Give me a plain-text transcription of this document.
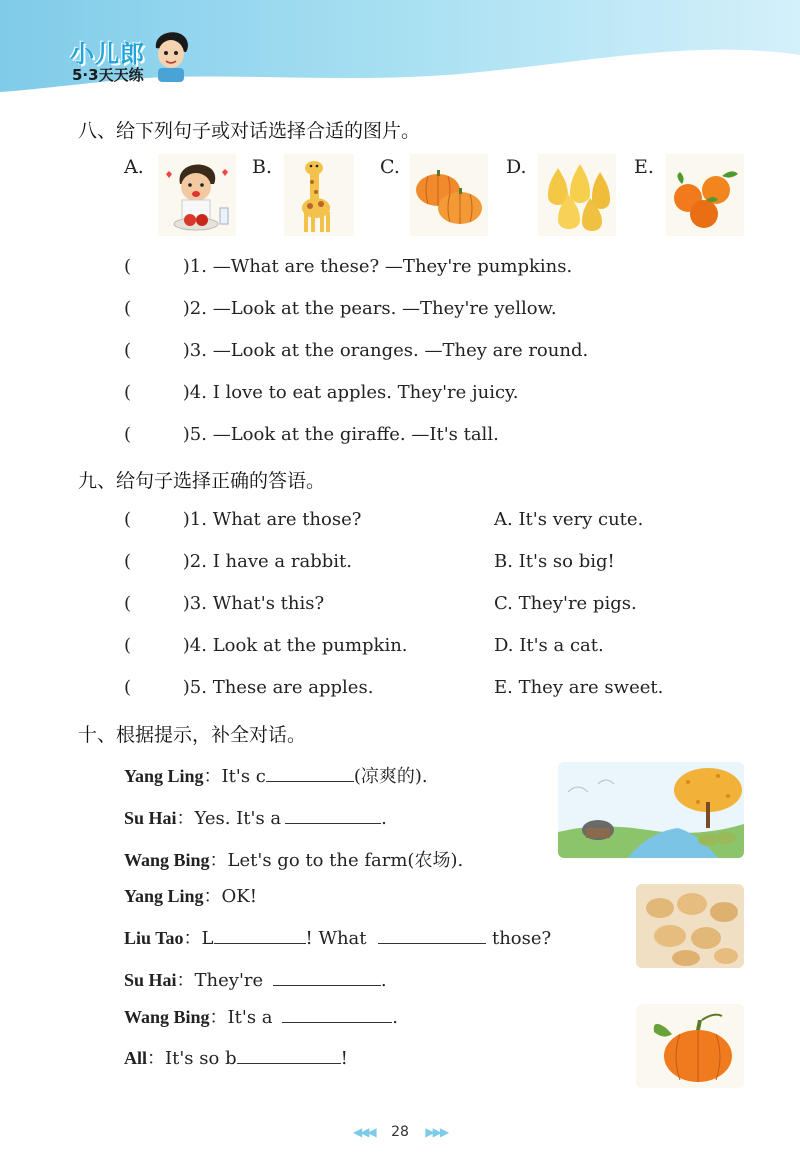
小儿郎
5·3天天练
八、给下列句子或对话选择合适的图片。
A.	B.	C.	D.	E.
(	)1. —What are these? —They're pumpkins.
(	)2. —Look at the pears. —They're yellow.
(	)3. —Look at the oranges. —They are round.
(	)4. I love to eat apples. They're juicy.
(	)5. —Look at the giraffe. —It's tall.
九、给句子选择正确的答语。
(	)1. What are those?	A. It's very cute.
(	)2. I have a rabbit.	B. It's so big!
(	)3. What's this?	C. They're pigs.
(	)4. Look at the pumpkin.	D. It's a cat.
(	)5. These are apples.	E. They are sweet.
十、根据提示，补全对话。
Yang Ling：It's c	(凉爽的).
Su Hai：Yes. It's a	.
Wang Bing：Let's go to the farm(农场).
Yang Ling：OK!
Liu Tao：L	! What	those?
Su Hai：They're	.
Wang Bing：It's a	.
All：It's so b	!
◀◀◀ 28 ▶▶▶
